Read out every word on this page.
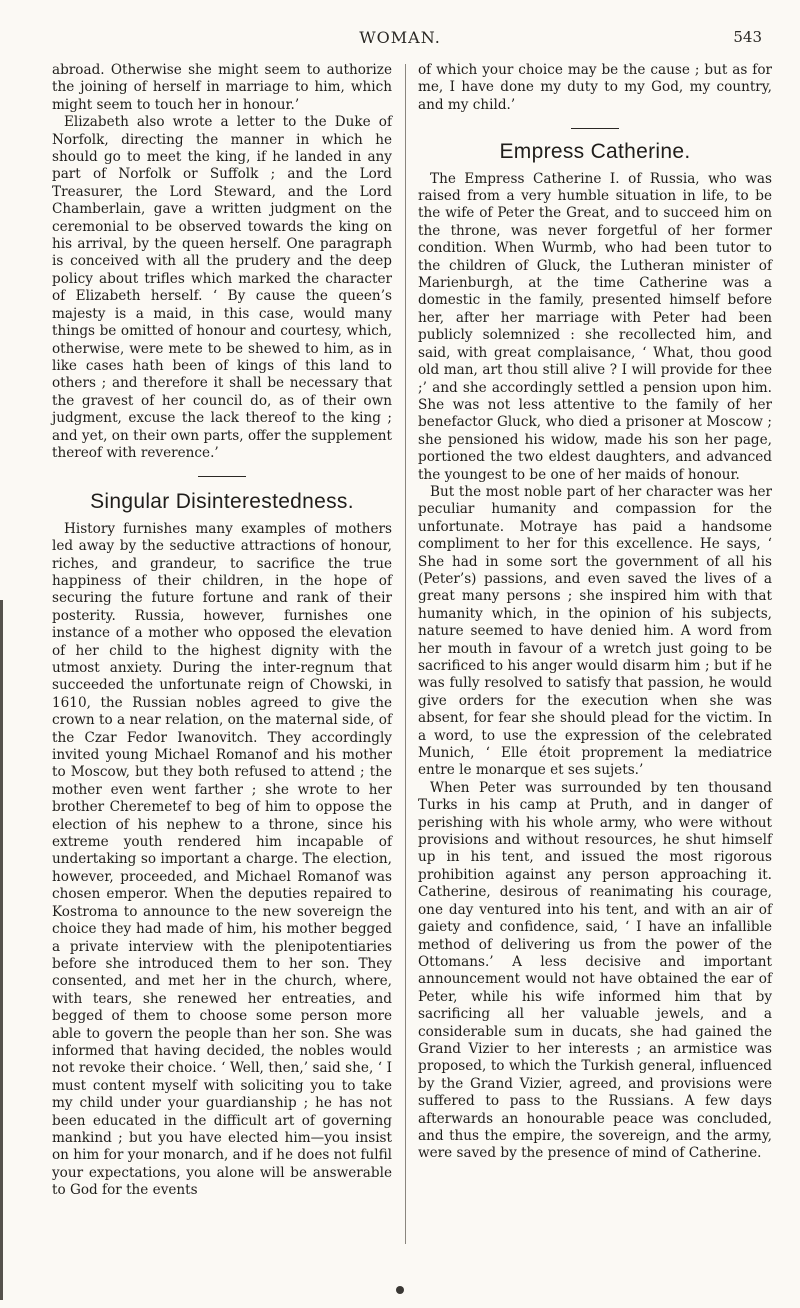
WOMAN.	543

abroad. Otherwise she might seem to authorize the joining of herself in marriage to him, which might seem to touch her in honour.’

Elizabeth also wrote a letter to the Duke of Norfolk, directing the manner in which he should go to meet the king, if he landed in any part of Norfolk or Suffolk ; and the Lord Treasurer, the Lord Steward, and the Lord Chamberlain, gave a written judgment on the ceremonial to be observed towards the king on his arrival, by the queen herself. One paragraph is conceived with all the prudery and the deep policy about trifles which marked the character of Elizabeth herself. ‘ By cause the queen’s majesty is a maid, in this case, would many things be omitted of honour and courtesy, which, otherwise, were mete to be shewed to him, as in like cases hath been of kings of this land to others ; and therefore it shall be necessary that the gravest of her council do, as of their own judgment, excuse the lack thereof to the king ; and yet, on their own parts, offer the supplement thereof with reverence.’

Singular Disinterestedness.

History furnishes many examples of mothers led away by the seductive attractions of honour, riches, and grandeur, to sacrifice the true happiness of their children, in the hope of securing the future fortune and rank of their posterity. Russia, however, furnishes one instance of a mother who opposed the elevation of her child to the highest dignity with the utmost anxiety. During the inter-regnum that succeeded the unfortunate reign of Chowski, in 1610, the Russian nobles agreed to give the crown to a near relation, on the maternal side, of the Czar Fedor Iwanovitch. They accordingly invited young Michael Romanof and his mother to Moscow, but they both refused to attend ; the mother even went farther ; she wrote to her brother Cheremetef to beg of him to oppose the election of his nephew to a throne, since his extreme youth rendered him incapable of undertaking so important a charge. The election, however, proceeded, and Michael Romanof was chosen emperor. When the deputies repaired to Kostroma to announce to the new sovereign the choice they had made of him, his mother begged a private interview with the plenipotentiaries before she introduced them to her son. They consented, and met her in the church, where, with tears, she renewed her entreaties, and begged of them to choose some person more able to govern the people than her son. She was informed that having decided, the nobles would not revoke their choice. ‘ Well, then,’ said she, ‘ I must content myself with soliciting you to take my child under your guardianship ; he has not been educated in the difficult art of governing mankind ; but you have elected him—you insist on him for your monarch, and if he does not fulfil your expectations, you alone will be answerable to God for the events

of which your choice may be the cause ; but as for me, I have done my duty to my God, my country, and my child.’

Empress Catherine.

The Empress Catherine I. of Russia, who was raised from a very humble situation in life, to be the wife of Peter the Great, and to succeed him on the throne, was never forgetful of her former condition. When Wurmb, who had been tutor to the children of Gluck, the Lutheran minister of Marienburgh, at the time Catherine was a domestic in the family, presented himself before her, after her marriage with Peter had been publicly solemnized : she recollected him, and said, with great complaisance, ‘ What, thou good old man, art thou still alive ? I will provide for thee ;’ and she accordingly settled a pension upon him. She was not less attentive to the family of her benefactor Gluck, who died a prisoner at Moscow ; she pensioned his widow, made his son her page, portioned the two eldest daughters, and advanced the youngest to be one of her maids of honour.

But the most noble part of her character was her peculiar humanity and compassion for the unfortunate. Motraye has paid a handsome compliment to her for this excellence. He says, ‘ She had in some sort the government of all his (Peter’s) passions, and even saved the lives of a great many persons ; she inspired him with that humanity which, in the opinion of his subjects, nature seemed to have denied him. A word from her mouth in favour of a wretch just going to be sacrificed to his anger would disarm him ; but if he was fully resolved to satisfy that passion, he would give orders for the execution when she was absent, for fear she should plead for the victim. In a word, to use the expression of the celebrated Munich, ‘ Elle étoit proprement la mediatrice entre le monarque et ses sujets.’

When Peter was surrounded by ten thousand Turks in his camp at Pruth, and in danger of perishing with his whole army, who were without provisions and without resources, he shut himself up in his tent, and issued the most rigorous prohibition against any person approaching it. Catherine, desirous of reanimating his courage, one day ventured into his tent, and with an air of gaiety and confidence, said, ‘ I have an infallible method of delivering us from the power of the Ottomans.’ A less decisive and important announcement would not have obtained the ear of Peter, while his wife informed him that by sacrificing all her valuable jewels, and a considerable sum in ducats, she had gained the Grand Vizier to her interests ; an armistice was proposed, to which the Turkish general, influenced by the Grand Vizier, agreed, and provisions were suffered to pass to the Russians. A few days afterwards an honourable peace was concluded, and thus the empire, the sovereign, and the army, were saved by the presence of mind of Catherine.
